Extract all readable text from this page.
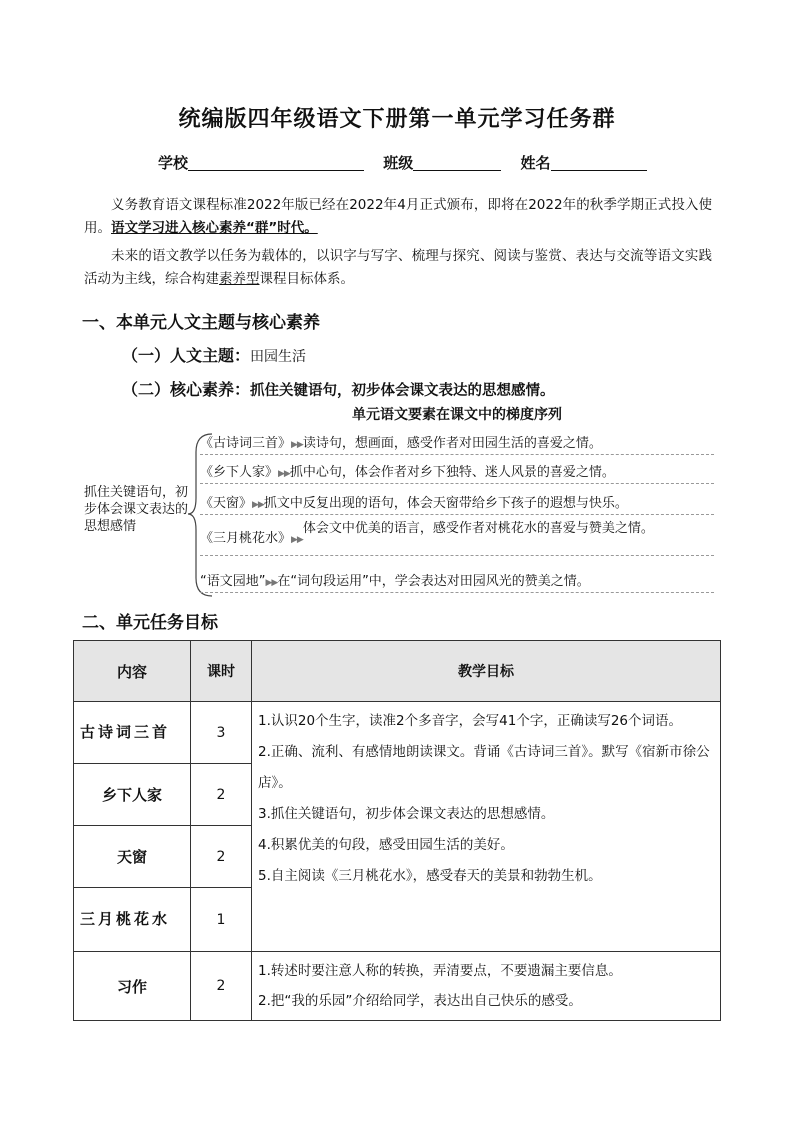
统编版四年级语文下册第一单元学习任务群
学校	班级	姓名
义务教育语文课程标准2022年版已经在2022年4月正式颁布，即将在2022年的秋季学期正式投入使用。语文学习进入核心素养“群”时代。
未来的语文教学以任务为载体的，以识字与写字、梳理与探究、阅读与鉴赏、表达与交流等语文实践活动为主线，综合构建素养型课程目标体系。
一、本单元人文主题与核心素养
（一）人文主题：田园生活
（二）核心素养：抓住关键语句，初步体会课文表达的思想感情。
单元语文要素在课文中的梯度序列
抓住关键语句，初步体会课文表达的思想感情
《古诗词三首》▶▶读诗句，想画面，感受作者对田园生活的喜爱之情。
《乡下人家》▶▶抓中心句，体会作者对乡下独特、迷人风景的喜爱之情。
《天窗》▶▶抓文中反复出现的语句，体会天窗带给乡下孩子的遐想与快乐。
《三月桃花水》▶▶
体会文中优美的语言，感受作者对桃花水的喜爱与赞美之情。
“语文园地”▶▶在“词句段运用”中，学会表达对田园风光的赞美之情。
二、单元任务目标
内容	课时	教学目标
古诗词三首	3	1.认识20个生字，读准2个多音字，会写41个字，正确读写26个词语。
2.正确、流利、有感情地朗读课文。背诵《古诗词三首》。默写《宿新市徐公店》。
3.抓住关键语句，初步体会课文表达的思想感情。
4.积累优美的句段，感受田园生活的美好。
5.自主阅读《三月桃花水》，感受春天的美景和勃勃生机。

乡下人家	2	
天窗	2	
三月桃花水	1	
习作	2	1.转述时要注意人称的转换，弄清要点，不要遗漏主要信息。
2.把“我的乐园”介绍给同学，表达出自己快乐的感受。
